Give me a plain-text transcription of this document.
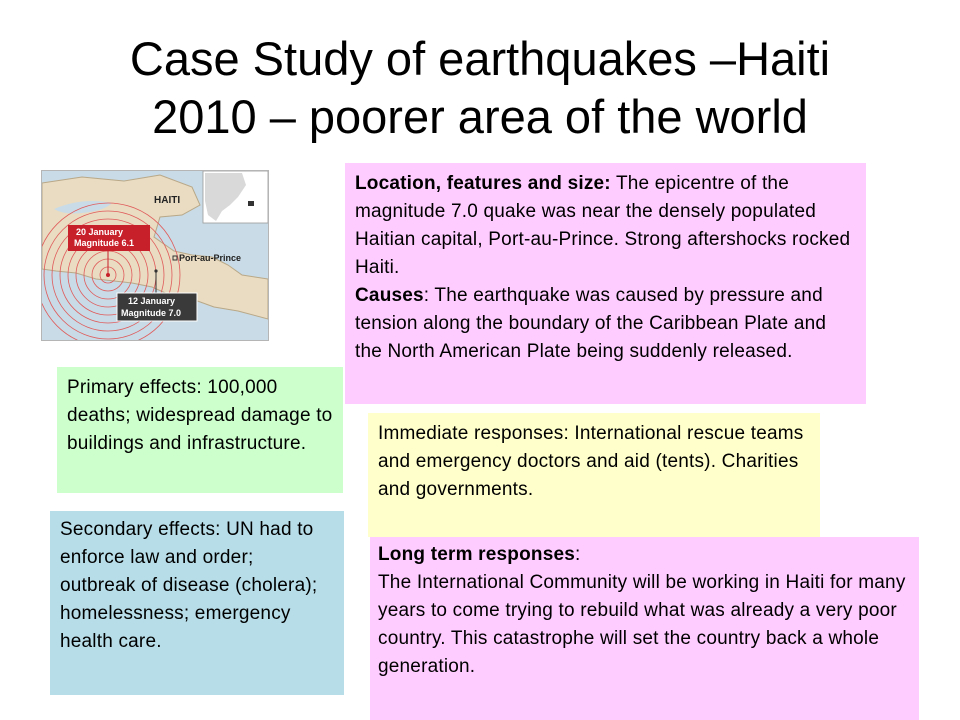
Case Study of earthquakes –Haiti
2010 – poorer area of the world
HAITI
Port-au-Prince
20 January
Magnitude 6.1
12 January
Magnitude 7.0
Location, features and size: The epicentre of the magnitude 7.0 quake was near the densely populated Haitian capital, Port-au-Prince. Strong aftershocks rocked Haiti.
Causes: The earthquake was caused by pressure and tension along the boundary of the Caribbean Plate and the North American Plate being suddenly released.
Primary effects: 100,000 deaths; widespread damage to buildings and infrastructure.	Immediate responses: International rescue teams and emergency doctors and aid (tents). Charities and governments.
Secondary effects: UN had to enforce law and order; outbreak of disease (cholera); homelessness; emergency health care.
Long term responses:
The International Community will be working in Haiti for many years to come trying to rebuild what was already a very poor country. This catastrophe will set the country back a whole generation.
